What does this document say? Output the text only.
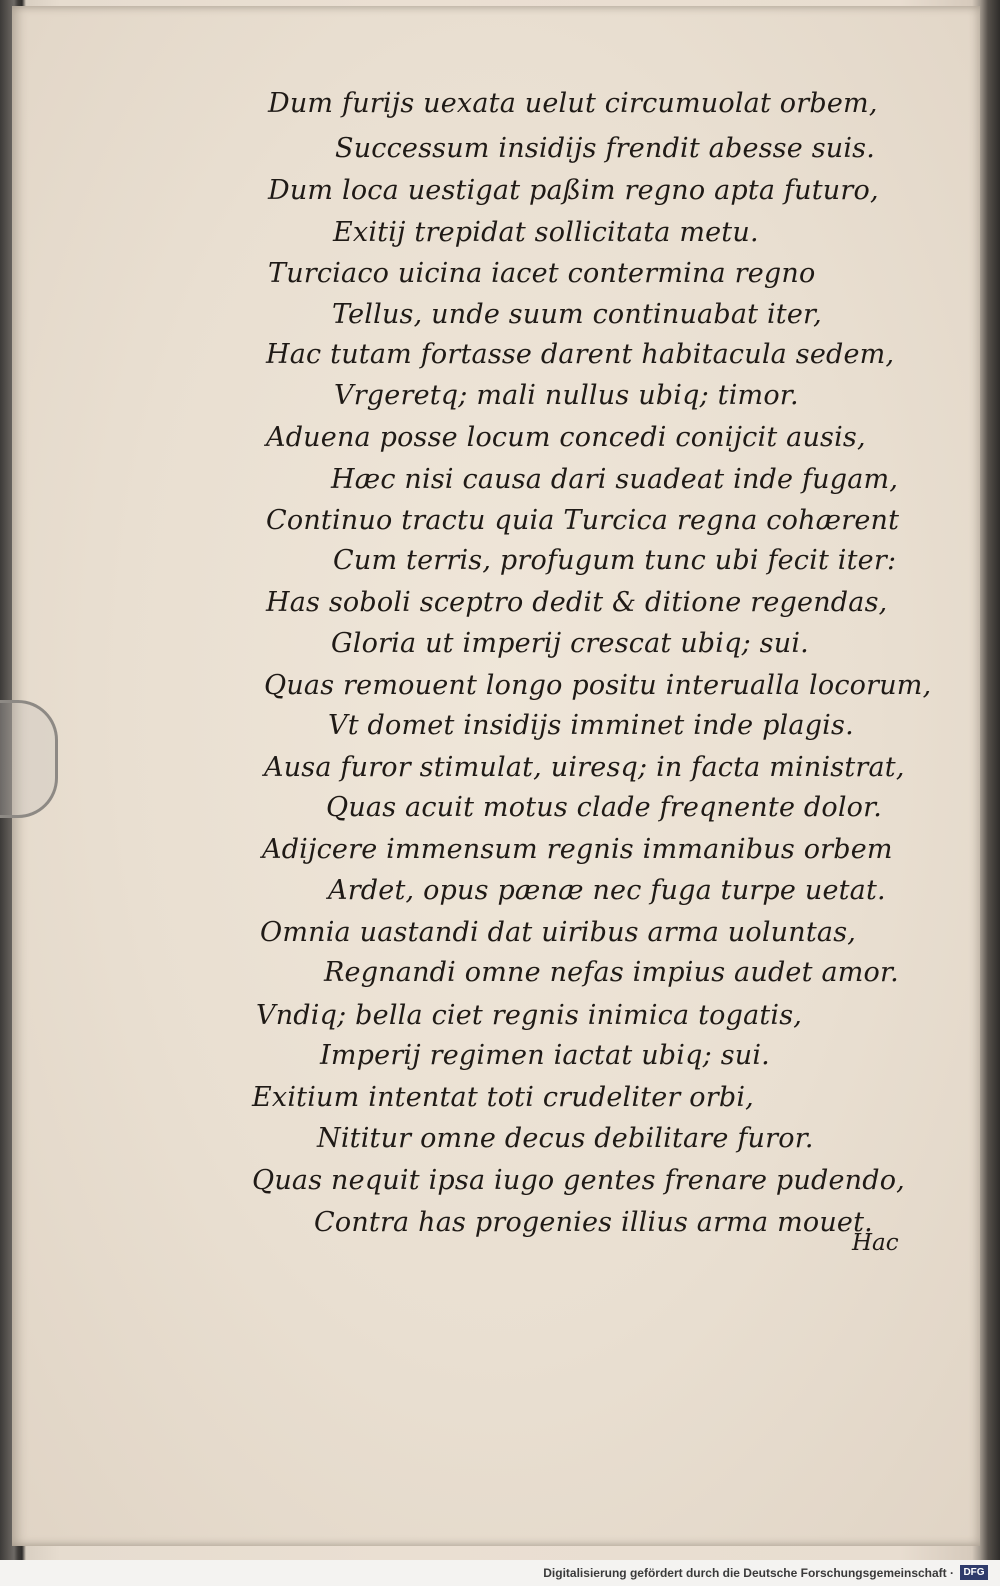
Dum furijs uexata uelut circumuolat orbem,
Successum insidijs frendit abesse suis.
Dum loca uestigat paßim regno apta futuro,
Exitij trepidat sollicitata metu.
Turciaco uicina iacet contermina regno
Tellus, unde suum continuabat iter,
Hac tutam fortasse darent habitacula sedem,
Vrgeretq; mali nullus ubiq; timor.
Aduena posse locum concedi conijcit ausis,
Hæc nisi causa dari suadeat inde fugam,
Continuo tractu quia Turcica regna cohærent
Cum terris, profugum tunc ubi fecit iter:
Has soboli sceptro dedit & ditione regendas,
Gloria ut imperij crescat ubiq; sui.
Quas remouent longo positu interualla locorum,
Vt domet insidijs imminet inde plagis.
Ausa furor stimulat, uiresq; in facta ministrat,
Quas acuit motus clade freqnente dolor.
Adijcere immensum regnis immanibus orbem
Ardet, opus pænæ nec fuga turpe uetat.
Omnia uastandi dat uiribus arma uoluntas,
Regnandi omne nefas impius audet amor.
Vndiq; bella ciet regnis inimica togatis,
Imperij regimen iactat ubiq; sui.
Exitium intentat toti crudeliter orbi,
Nititur omne decus debilitare furor.
Quas nequit ipsa iugo gentes frenare pudendo,
Contra has progenies illius arma mouet.
Hac
Digitalisierung gefördert durch die Deutsche Forschungsgemeinschaft · DFG
